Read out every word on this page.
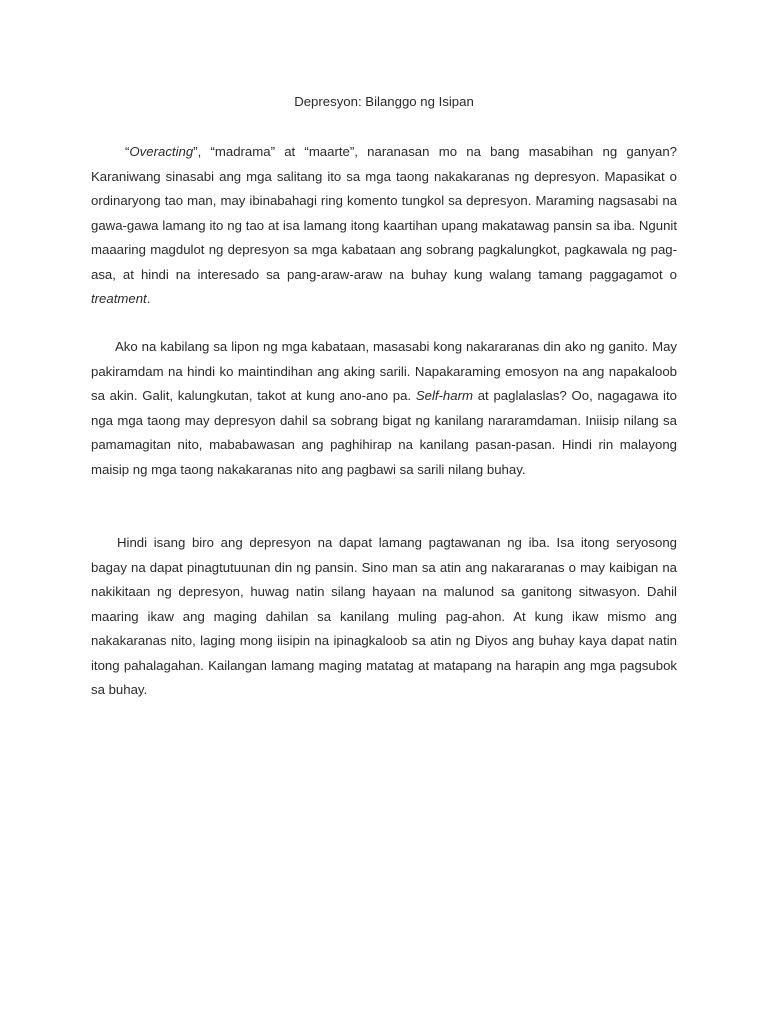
Depresyon: Bilanggo ng Isipan

“Overacting”, “madrama” at “maarte”, naranasan mo na bang masabihan ng ganyan? Karaniwang sinasabi ang mga salitang ito sa mga taong nakakaranas ng depresyon. Mapasikat o ordinaryong tao man, may ibinabahagi ring komento tungkol sa depresyon. Maraming nagsasabi na gawa-gawa lamang ito ng tao at isa lamang itong kaartihan upang makatawag pansin sa iba. Ngunit maaaring magdulot ng depresyon sa mga kabataan ang sobrang pagkalungkot, pagkawala ng pag-asa, at hindi na interesado sa pang-araw-araw na buhay kung walang tamang paggagamot o treatment.

Ako na kabilang sa lipon ng mga kabataan, masasabi kong nakararanas din ako ng ganito. May pakiramdam na hindi ko maintindihan ang aking sarili. Napakaraming emosyon na ang napakaloob sa akin. Galit, kalungkutan, takot at kung ano-ano pa. Self-harm at paglalaslas? Oo, nagagawa ito nga mga taong may depresyon dahil sa sobrang bigat ng kanilang nararamdaman. Iniisip nilang sa pamamagitan nito, mababawasan ang paghihirap na kanilang pasan-pasan. Hindi rin malayong maisip ng mga taong nakakaranas nito ang pagbawi sa sarili nilang buhay.

Hindi isang biro ang depresyon na dapat lamang pagtawanan ng iba. Isa itong seryosong bagay na dapat pinagtutuunan din ng pansin. Sino man sa atin ang nakararanas o may kaibigan na nakikitaan ng depresyon, huwag natin silang hayaan na malunod sa ganitong sitwasyon. Dahil maaring ikaw ang maging dahilan sa kanilang muling pag-ahon. At kung ikaw mismo ang nakakaranas nito, laging mong iisipin na ipinagkaloob sa atin ng Diyos ang buhay kaya dapat natin itong pahalagahan. Kailangan lamang maging matatag at matapang na harapin ang mga pagsubok sa buhay.
